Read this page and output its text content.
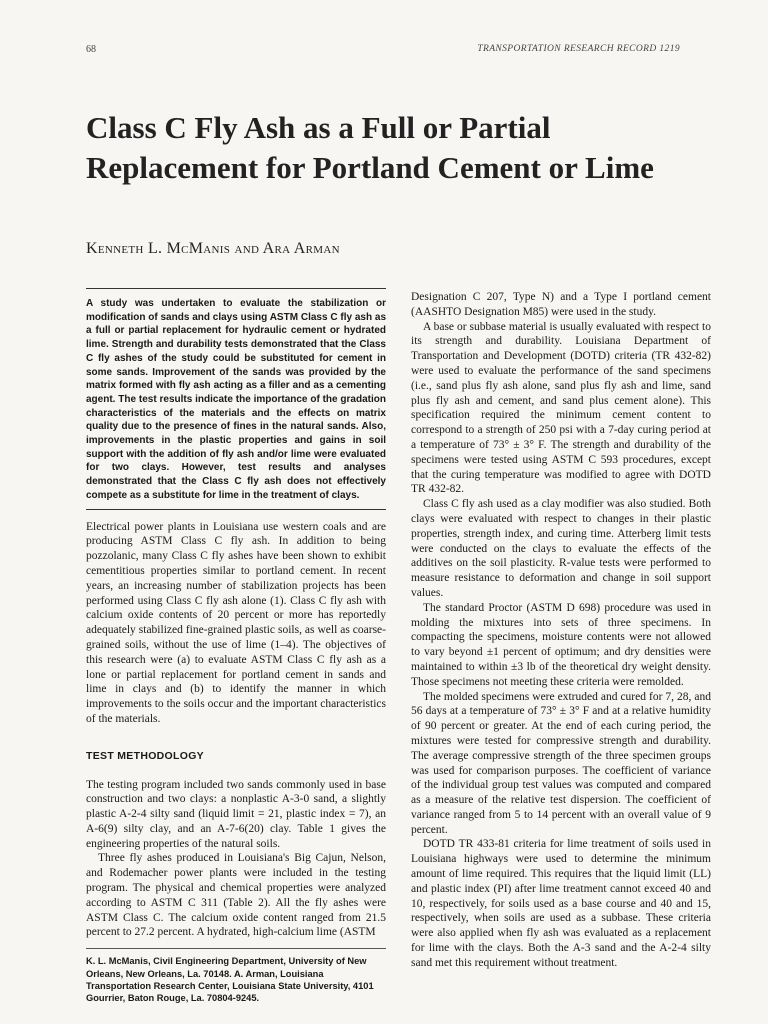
68	TRANSPORTATION RESEARCH RECORD 1219
Class C Fly Ash as a Full or Partial Replacement for Portland Cement or Lime
Kenneth L. McManis and Ara Arman

A study was undertaken to evaluate the stabilization or modification of sands and clays using ASTM Class C fly ash as a full or partial replacement for hydraulic cement or hydrated lime. Strength and durability tests demonstrated that the Class C fly ashes of the study could be substituted for cement in some sands. Improvement of the sands was provided by the matrix formed with fly ash acting as a filler and as a cementing agent. The test results indicate the importance of the gradation characteristics of the materials and the effects on matrix quality due to the presence of fines in the natural sands. Also, improvements in the plastic properties and gains in soil support with the addition of fly ash and/or lime were evaluated for two clays. However, test results and analyses demonstrated that the Class C fly ash does not effectively compete as a substitute for lime in the treatment of clays.

Electrical power plants in Louisiana use western coals and are producing ASTM Class C fly ash. In addition to being pozzolanic, many Class C fly ashes have been shown to exhibit cementitious properties similar to portland cement. In recent years, an increasing number of stabilization projects has been performed using Class C fly ash alone (1). Class C fly ash with calcium oxide contents of 20 percent or more has reportedly adequately stabilized fine-grained plastic soils, as well as coarse-grained soils, without the use of lime (1–4). The objectives of this research were (a) to evaluate ASTM Class C fly ash as a lone or partial replacement for portland cement in sands and lime in clays and (b) to identify the manner in which improvements to the soils occur and the important characteristics of the materials.

TEST METHODOLOGY

The testing program included two sands commonly used in base construction and two clays: a nonplastic A-3-0 sand, a slightly plastic A-2-4 silty sand (liquid limit = 21, plastic index = 7), an A-6(9) silty clay, and an A-7-6(20) clay. Table 1 gives the engineering properties of the natural soils.

Three fly ashes produced in Louisiana's Big Cajun, Nelson, and Rodemacher power plants were included in the testing program. The physical and chemical properties were analyzed according to ASTM C 311 (Table 2). All the fly ashes were ASTM Class C. The calcium oxide content ranged from 21.5 percent to 27.2 percent. A hydrated, high-calcium lime (ASTM

K. L. McManis, Civil Engineering Department, University of New Orleans, New Orleans, La. 70148. A. Arman, Louisiana Transportation Research Center, Louisiana State University, 4101 Gourrier, Baton Rouge, La. 70804-9245.

Designation C 207, Type N) and a Type I portland cement (AASHTO Designation M85) were used in the study.

A base or subbase material is usually evaluated with respect to its strength and durability. Louisiana Department of Transportation and Development (DOTD) criteria (TR 432-82) were used to evaluate the performance of the sand specimens (i.e., sand plus fly ash alone, sand plus fly ash and lime, sand plus fly ash and cement, and sand plus cement alone). This specification required the minimum cement content to correspond to a strength of 250 psi with a 7-day curing period at a temperature of 73° ± 3° F. The strength and durability of the specimens were tested using ASTM C 593 procedures, except that the curing temperature was modified to agree with DOTD TR 432-82.

Class C fly ash used as a clay modifier was also studied. Both clays were evaluated with respect to changes in their plastic properties, strength index, and curing time. Atterberg limit tests were conducted on the clays to evaluate the effects of the additives on the soil plasticity. R-value tests were performed to measure resistance to deformation and change in soil support values.

The standard Proctor (ASTM D 698) procedure was used in molding the mixtures into sets of three specimens. In compacting the specimens, moisture contents were not allowed to vary beyond ±1 percent of optimum; and dry densities were maintained to within ±3 lb of the theoretical dry weight density. Those specimens not meeting these criteria were remolded.

The molded specimens were extruded and cured for 7, 28, and 56 days at a temperature of 73° ± 3° F and at a relative humidity of 90 percent or greater. At the end of each curing period, the mixtures were tested for compressive strength and durability. The average compressive strength of the three specimen groups was used for comparison purposes. The coefficient of variance of the individual group test values was computed and compared as a measure of the relative test dispersion. The coefficient of variance ranged from 5 to 14 percent with an overall value of 9 percent.

DOTD TR 433-81 criteria for lime treatment of soils used in Louisiana highways were used to determine the minimum amount of lime required. This requires that the liquid limit (LL) and plastic index (PI) after lime treatment cannot exceed 40 and 10, respectively, for soils used as a base course and 40 and 15, respectively, when soils are used as a subbase. These criteria were also applied when fly ash was evaluated as a replacement for lime with the clays. Both the A-3 sand and the A-2-4 silty sand met this requirement without treatment.
